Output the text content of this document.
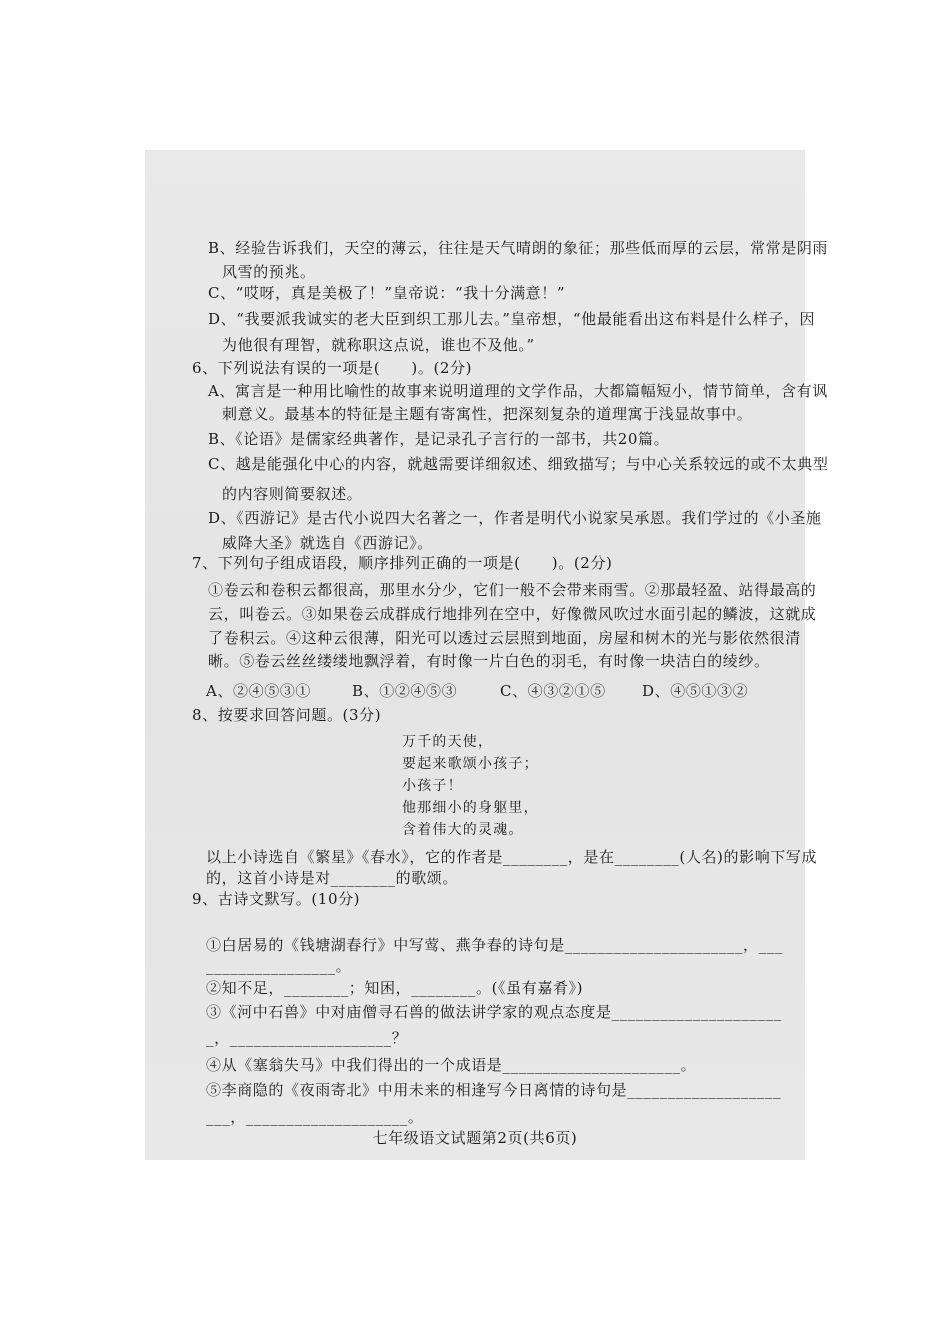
B、经验告诉我们，天空的薄云，往往是天气晴朗的象征；那些低而厚的云层，常常是阴雨
风雪的预兆。
C、“哎呀，真是美极了！”皇帝说：“我十分满意！”
D、“我要派我诚实的老大臣到织工那儿去。”皇帝想，“他最能看出这布料是什么样子，因
为他很有理智，就称职这点说，谁也不及他。”
6、下列说法有误的一项是(　　)。(2分)
A、寓言是一种用比喻性的故事来说明道理的文学作品，大都篇幅短小，情节简单，含有讽
刺意义。最基本的特征是主题有寄寓性，把深刻复杂的道理寓于浅显故事中。
B、《论语》是儒家经典著作，是记录孔子言行的一部书，共20篇。
C、越是能强化中心的内容，就越需要详细叙述、细致描写；与中心关系较远的或不太典型
的内容则简要叙述。
D、《西游记》是古代小说四大名著之一，作者是明代小说家吴承恩。我们学过的《小圣施
威降大圣》就选自《西游记》。
7、下列句子组成语段，顺序排列正确的一项是(　　)。(2分)
①卷云和卷积云都很高，那里水分少，它们一般不会带来雨雪。②那最轻盈、站得最高的
云，叫卷云。③如果卷云成群成行地排列在空中，好像微风吹过水面引起的鳞波，这就成
了卷积云。④这种云很薄，阳光可以透过云层照到地面，房屋和树木的光与影依然很清
晰。⑤卷云丝丝缕缕地飘浮着，有时像一片白色的羽毛，有时像一块洁白的绫纱。
A、②④⑤③①	B、①②④⑤③	C、④③②①⑤ D、④⑤①③②
8、按要求回答问题。(3分)
万千的天使，
要起来歌颂小孩子；
小孩子！
他那细小的身躯里，
含着伟大的灵魂。
以上小诗选自《繁星》《春水》，它的作者是________，是在________(人名)的影响下写成
的，这首小诗是对________的歌颂。
9、古诗文默写。(10分)
①白居易的《钱塘湖春行》中写莺、燕争春的诗句是______________________，___
________________。
②知不足，________；知困，________。(《虽有嘉肴》)
③《河中石兽》中对庙僧寻石兽的做法讲学家的观点态度是_____________________
_，____________________？
④从《塞翁失马》中我们得出的一个成语是______________________。
⑤李商隐的《夜雨寄北》中用未来的相逢写今日离情的诗句是___________________
___，____________________。
七年级语文试题第2页(共6页)
